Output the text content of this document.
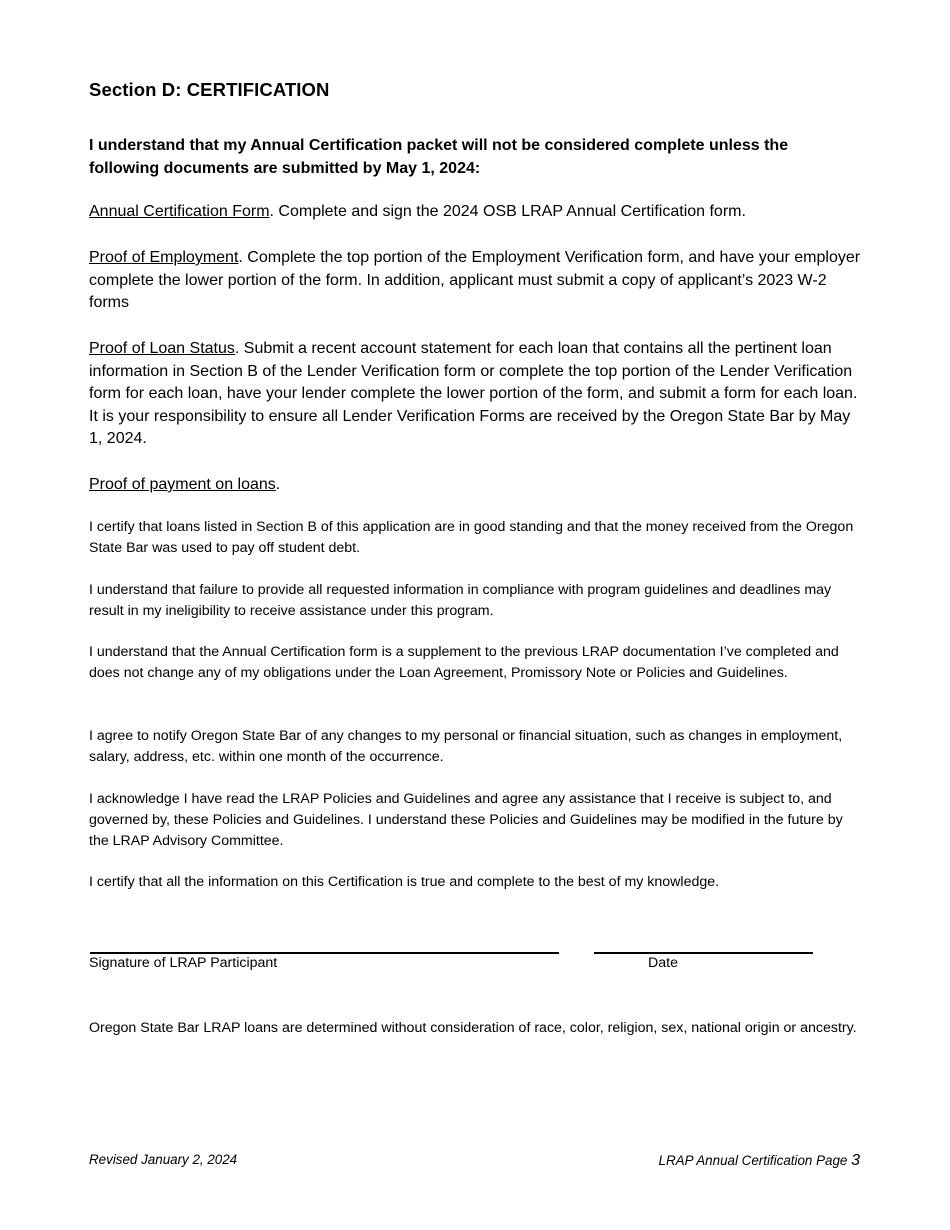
Section D: CERTIFICATION
I understand that my Annual Certification packet will not be considered complete unless the following documents are submitted by May 1, 2024:
Annual Certification Form. Complete and sign the 2024 OSB LRAP Annual Certification form.
Proof of Employment. Complete the top portion of the Employment Verification form, and have your employer complete the lower portion of the form. In addition, applicant must submit a copy of applicant’s 2023 W-2 forms
Proof of Loan Status. Submit a recent account statement for each loan that contains all the pertinent loan information in Section B of the Lender Verification form or complete the top portion of the Lender Verification form for each loan, have your lender complete the lower portion of the form, and submit a form for each loan. It is your responsibility to ensure all Lender Verification Forms are received by the Oregon State Bar by May 1, 2024.
Proof of payment on loans.
I certify that loans listed in Section B of this application are in good standing and that the money received from the Oregon State Bar was used to pay off student debt.
I understand that failure to provide all requested information in compliance with program guidelines and deadlines may result in my ineligibility to receive assistance under this program.
I understand that the Annual Certification form is a supplement to the previous LRAP documentation I’ve completed and does not change any of my obligations under the Loan Agreement, Promissory Note or Policies and Guidelines.
I agree to notify Oregon State Bar of any changes to my personal or financial situation, such as changes in employment, salary, address, etc. within one month of the occurrence.
I acknowledge I have read the LRAP Policies and Guidelines and agree any assistance that I receive is subject to, and governed by, these Policies and Guidelines. I understand these Policies and Guidelines may be modified in the future by the LRAP Advisory Committee.
I certify that all the information on this Certification is true and complete to the best of my knowledge.
Signature of LRAP Participant	Date
Oregon State Bar LRAP loans are determined without consideration of race, color, religion, sex, national origin or ancestry.
Revised January 2, 2024	LRAP Annual Certification Page 3
